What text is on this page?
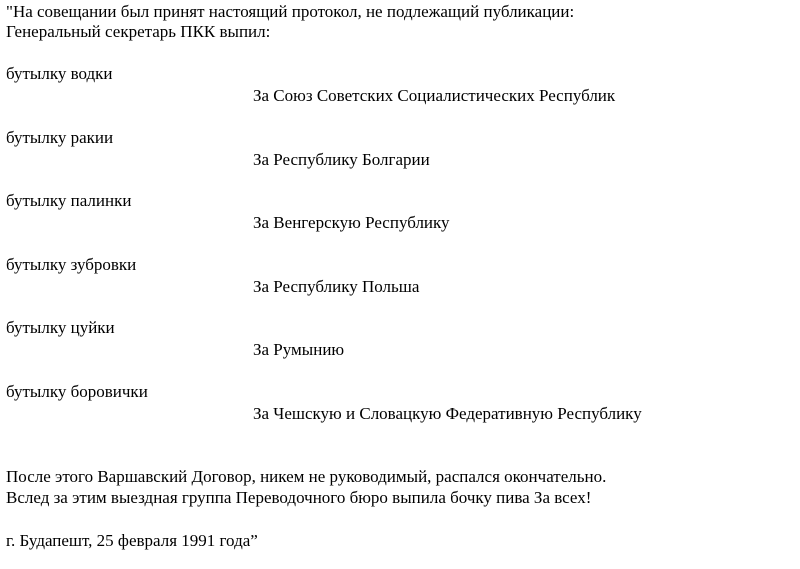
"На совещании был принят настоящий протокол, не подлежащий публикации:
Генеральный секретарь ПКК выпил:
бутылку водки
За Союз Советских Социалистических Республик
бутылку ракии
За Республику Болгарии
бутылку палинки
За Венгерскую Республику
бутылку зубровки
За Республику Польша
бутылку цуйки
За Румынию
бутылку боровички
За Чешскую и Словацкую Федеративную Республику
После этого Варшавский Договор, никем не руководимый, распался окончательно.
Вслед за этим выездная группа Переводочного бюро выпила бочку пива За всех!
г. Будапешт, 25 февраля 1991 года”
